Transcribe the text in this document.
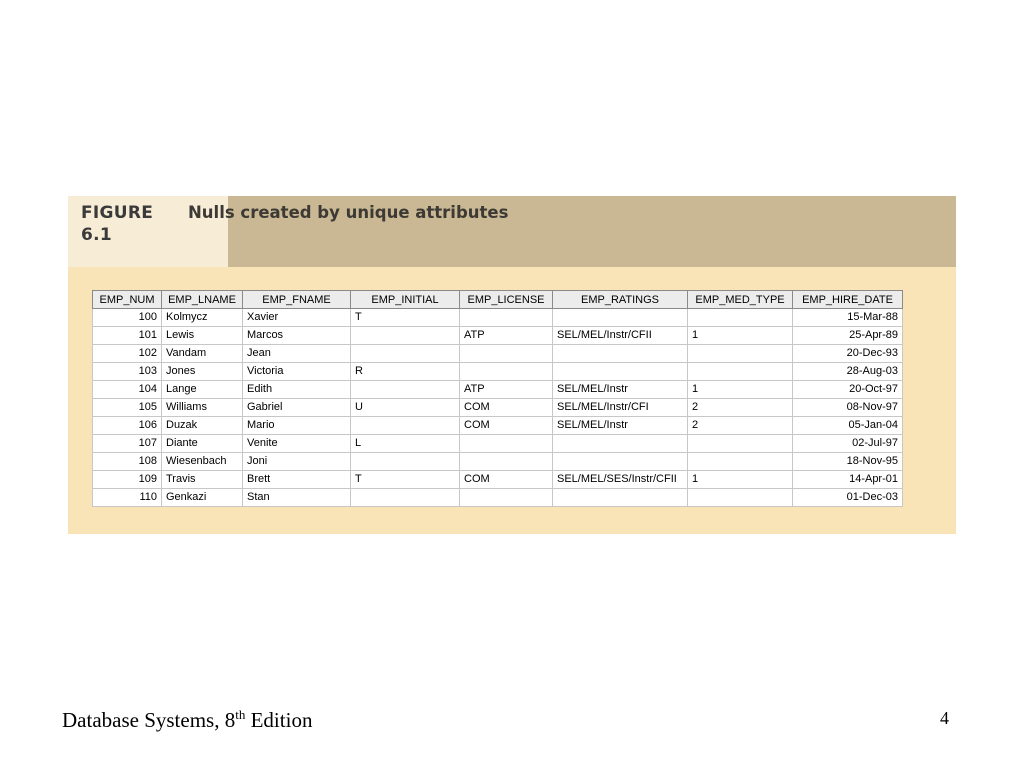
FIGURE
6.1
Nulls created by unique attributes
EMP_NUM	EMP_LNAME	EMP_FNAME	EMP_INITIAL	EMP_LICENSE	EMP_RATINGS	EMP_MED_TYPE	EMP_HIRE_DATE
100	Kolmycz	Xavier	T				15-Mar-88
101	Lewis	Marcos		ATP	SEL/MEL/Instr/CFII	1	25-Apr-89
102	Vandam	Jean					20-Dec-93
103	Jones	Victoria	R				28-Aug-03
104	Lange	Edith		ATP	SEL/MEL/Instr	1	20-Oct-97
105	Williams	Gabriel	U	COM	SEL/MEL/Instr/CFI	2	08-Nov-97
106	Duzak	Mario		COM	SEL/MEL/Instr	2	05-Jan-04
107	Diante	Venite	L				02-Jul-97
108	Wiesenbach	Joni					18-Nov-95
109	Travis	Brett	T	COM	SEL/MEL/SES/Instr/CFII	1	14-Apr-01
110	Genkazi	Stan					01-Dec-03
Database Systems, 8th Edition	4
